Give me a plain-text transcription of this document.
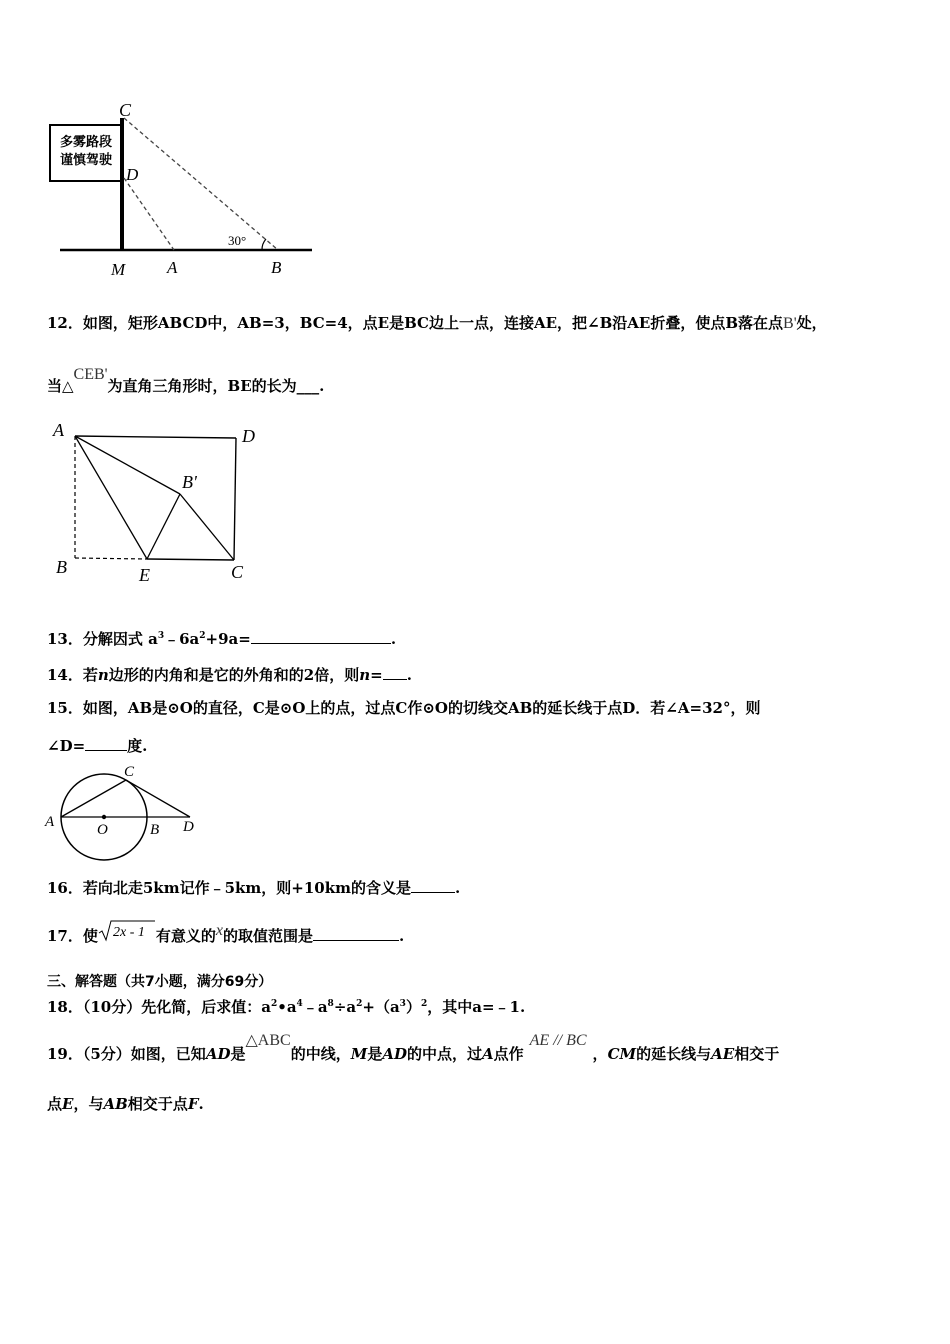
多雾路段
谨慎驾驶
30°
C
D
M A	B
12．如图，矩形ABCD中，AB=3，BC=4，点E是BC边上一点，连接AE，把∠B沿AE折叠，使点B落在点B'处，
当△CEB'为直角三角形时，BE的长为___.
A	D
B	E	C
B'
13．分解因式 $a^3﹣6a^2+9a=$	.
14．若n边形的内角和是它的外角和的2倍，则n= .
15．如图，AB是⊙O的直径，C是⊙O上的点，过点C作⊙O的切线交AB的延长线于点D．若∠A=32°，则
∠D=	度.
A
C
O	B D
16．若向北走5km记作﹣5km，则+10km的含义是	.
17．使 2x - 1 有意义的x的取值范围是	.
三、解答题（共7小题，满分69分）
18．（10分）先化简，后求值：$a^2•a^4﹣a^8\div a^2+(a^3)^2$，其中a=﹣1.
19．（5分）如图，已知AD是△ABC的中线，M是AD的中点，过A点作AE // BC，CM的延长线与AE相交于
点E，与AB相交于点F.
